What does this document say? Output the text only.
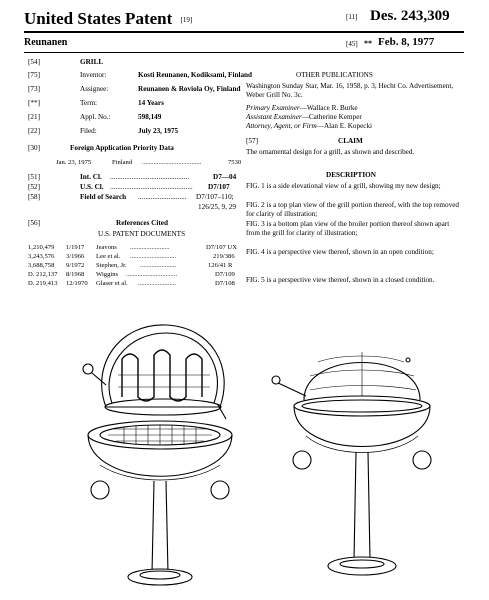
United States Patent [19]	[11] Des. 243,309
Reunanen	[45] ** Feb. 8, 1977
[54]	GRILL
[75]	Inventor:	Kosti Reunanen, Kodiksami, Finland
[73]	Assignee:	Reunanen & Roviola Oy, Finland
[**]	Term:	14 Years
[21]	Appl. No.:	598,149
[22]	Filed:	July 23, 1975
[30]	Foreign Application Priority Data
Jan. 23, 1975	Finland ....................................	7530
[51]	Int. Cl. ............................................	D7—04
[52]	U.S. Cl. .............................................. D7/107
[58]	Field of Search ........................... D7/107–110;
126/25, 9, 29
[56]	References Cited
U.S. PATENT DOCUMENTS
1,210,479 1/1917 Jeavons ........................	D7/107 UX
3,243,576 3/1966 Lee et al. ............................	219/386
3,688,758 9/1972 Stephen, Jr. ......................	126/41 R
D. 212,137 8/1968 Wiggins ...............................	D7/109
D. 219,413 12/1970 Glaser et al. .......................	D7/108
OTHER PUBLICATIONS
Washington Sunday Star, Mar. 16, 1958, p. 3, Hecht Co. Advertisement, Weber Grill No. 3c.
Primary Examiner—Wallace R. Burke
Assistant Examiner—Catherine Kemper
Attorney, Agent, or Firm—Alan E. Kopecki
[57]	CLAIM
The ornamental design for a grill, as shown and described.
DESCRIPTION
FIG. 1 is a side elevational view of a grill, showing my new design;
FIG. 2 is a top plan view of the grill portion thereof, with the top removed for clarity of illustration;
FIG. 3 is a bottom plan view of the broiler portion thereof shown apart from the grill for clarity of illustration;
FIG. 4 is a perspective view thereof, shown in an open condition;
FIG. 5 is a perspective view thereof, shown in a closed condition.
